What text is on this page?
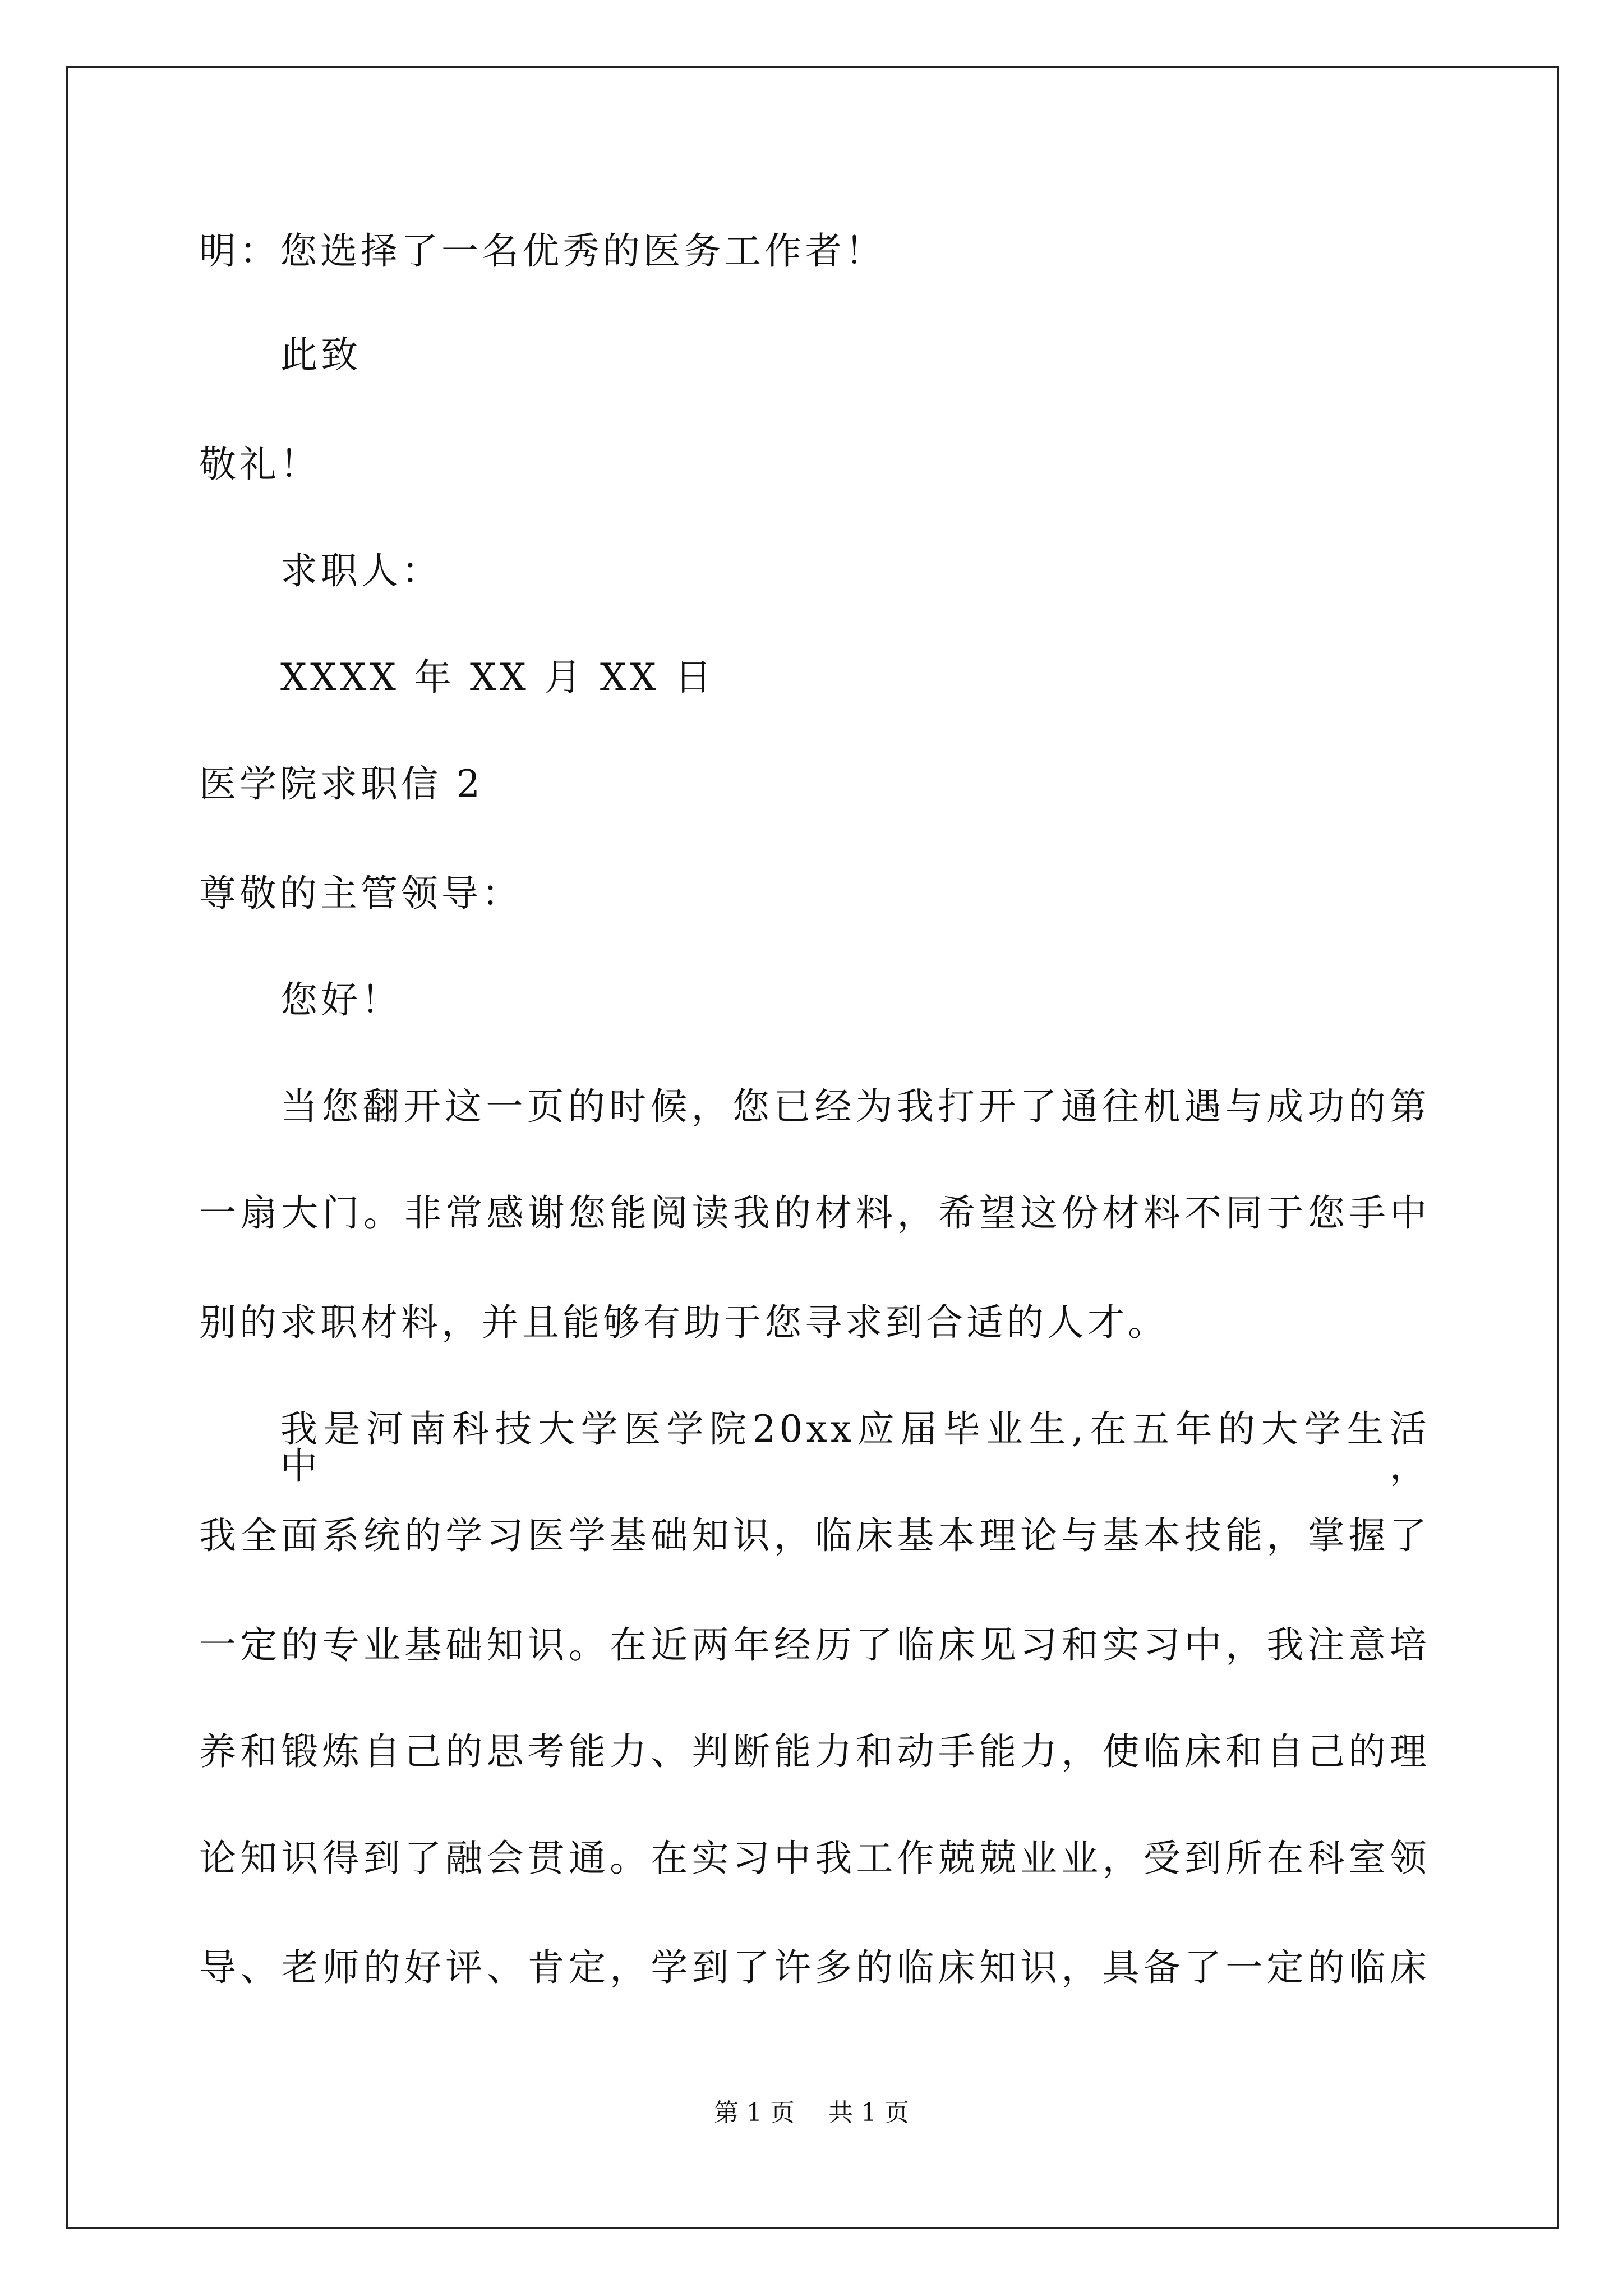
明：您选择了一名优秀的医务工作者！
此致
敬礼！
求职人：
XXXX 年 XX 月 XX 日
医学院求职信 2
尊敬的主管领导：
您好！
当您翻开这一页的时候，您已经为我打开了通往机遇与成功的第
一扇大门。非常感谢您能阅读我的材料，希望这份材料不同于您手中
别的求职材料，并且能够有助于您寻求到合适的人才。
我是河南科技大学医学院20xx应届毕业生,在五年的大学生活中，
我全面系统的学习医学基础知识，临床基本理论与基本技能，掌握了
一定的专业基础知识。在近两年经历了临床见习和实习中，我注意培
养和锻炼自己的思考能力、判断能力和动手能力，使临床和自己的理
论知识得到了融会贯通。在实习中我工作兢兢业业，受到所在科室领
导、老师的好评、肯定，学到了许多的临床知识，具备了一定的临床
第 1 页 共 1 页
